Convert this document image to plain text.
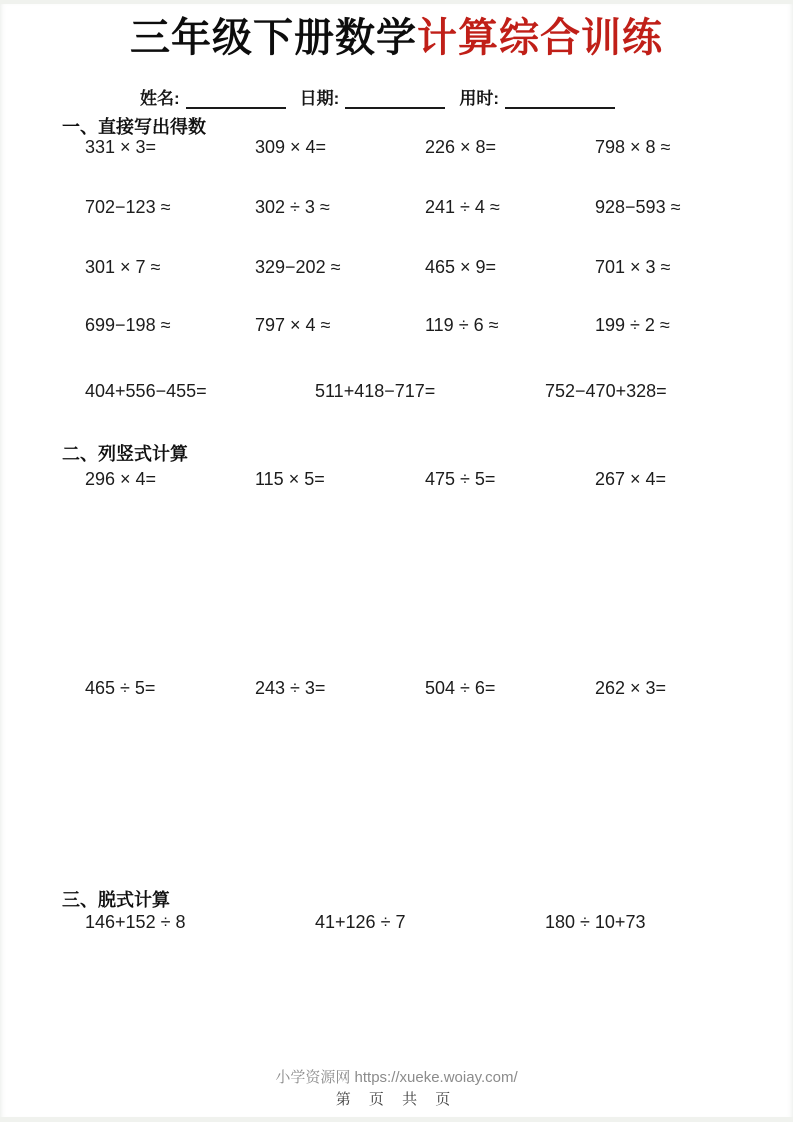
三年级下册数学计算综合训练
姓名:	日期:	用时:
一、直接写出得数
331 × 3=	309 × 4=	226 × 8=	798 × 8 ≈
702−123 ≈	302 ÷ 3 ≈	241 ÷ 4 ≈	928−593 ≈
301 × 7 ≈	329−202 ≈	465 × 9=	701 × 3 ≈
699−198 ≈	797 × 4 ≈	119 ÷ 6 ≈	199 ÷ 2 ≈
404+556−455=	511+418−717=	752−470+328=
二、列竖式计算
296 × 4=	115 × 5=	475 ÷ 5=	267 × 4=
465 ÷ 5=	243 ÷ 3=	504 ÷ 6=	262 × 3=
三、脱式计算
146+152 ÷ 8	41+126 ÷ 7	180 ÷ 10+73
小学资源网 https://xueke.woiay.com/
第 页 共 页
